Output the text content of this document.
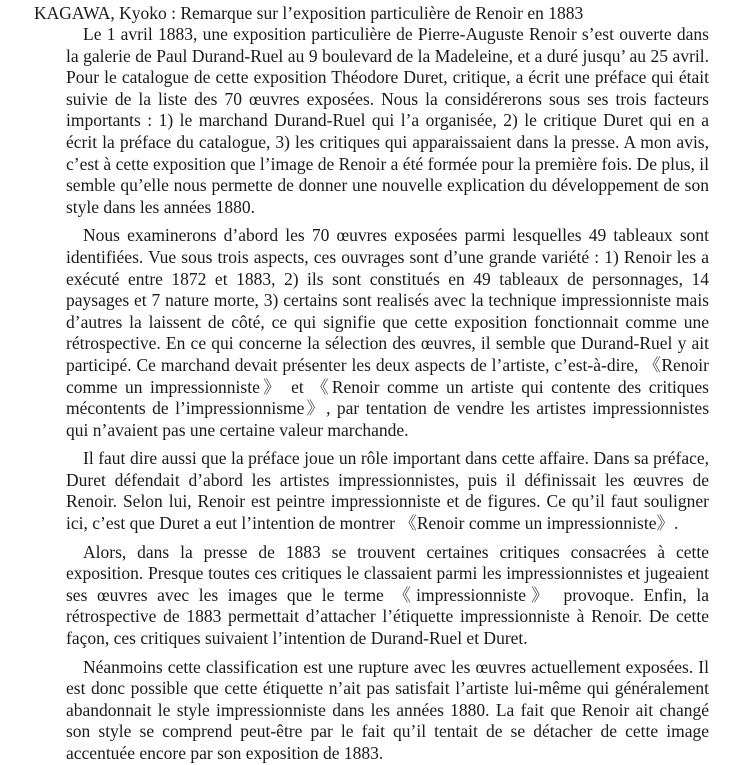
KAGAWA, Kyoko : Remarque sur l’exposition particulière de Renoir en 1883

Le 1 avril 1883, une exposition particulière de Pierre-Auguste Renoir s’est ouverte dans la galerie de Paul Durand-Ruel au 9 boulevard de la Madeleine, et a duré jusqu’ au 25 avril. Pour le catalogue de cette exposition Théodore Duret, critique, a écrit une préface qui était suivie de la liste des 70 œuvres exposées. Nous la considérerons sous ses trois facteurs importants : 1) le marchand Durand-Ruel qui l’a organisée, 2) le critique Duret qui en a écrit la préface du catalogue, 3) les critiques qui apparaissaient dans la presse. A mon avis, c’est à cette exposition que l’image de Renoir a été formée pour la première fois. De plus, il semble qu’elle nous permette de donner une nouvelle explication du développement de son style dans les années 1880.

Nous examinerons d’abord les 70 œuvres exposées parmi lesquelles 49 tableaux sont identifiées. Vue sous trois aspects, ces ouvrages sont d’une grande variété : 1) Renoir les a exécuté entre 1872 et 1883, 2) ils sont constitués en 49 tableaux de personnages, 14 paysages et 7 nature morte, 3) certains sont realisés avec la technique impressionniste mais d’autres la laissent de côté, ce qui signifie que cette exposition fonctionnait comme une rétrospective. En ce qui concerne la sélection des œuvres, il semble que Durand-Ruel y ait participé. Ce marchand devait présenter les deux aspects de l’artiste, c’est-à-dire, 《Renoir comme un impressionniste》 et 《Renoir comme un artiste qui contente des critiques mécontents de l’impressionnisme》, par tentation de vendre les artistes impressionnistes qui n’avaient pas une certaine valeur marchande.

Il faut dire aussi que la préface joue un rôle important dans cette affaire. Dans sa préface, Duret défendait d’abord les artistes impressionnistes, puis il définissait les œuvres de Renoir. Selon lui, Renoir est peintre impressionniste et de figures. Ce qu’il faut souligner ici, c’est que Duret a eut l’intention de montrer 《Renoir comme un impressionniste》.

Alors, dans la presse de 1883 se trouvent certaines critiques consacrées à cette exposition. Presque toutes ces critiques le classaient parmi les impressionnistes et jugeaient ses œuvres avec les images que le terme 《impressionniste》 provoque. Enfin, la rétrospective de 1883 permettait d’attacher l’étiquette impressionniste à Renoir. De cette façon, ces critiques suivaient l’intention de Durand-Ruel et Duret.

Néanmoins cette classification est une rupture avec les œuvres actuellement exposées. Il est donc possible que cette étiquette n’ait pas satisfait l’artiste lui-même qui généralement abandonnait le style impressionniste dans les années 1880. La fait que Renoir ait changé son style se comprend peut-être par le fait qu’il tentait de se détacher de cette image accentuée encore par son exposition de 1883.
